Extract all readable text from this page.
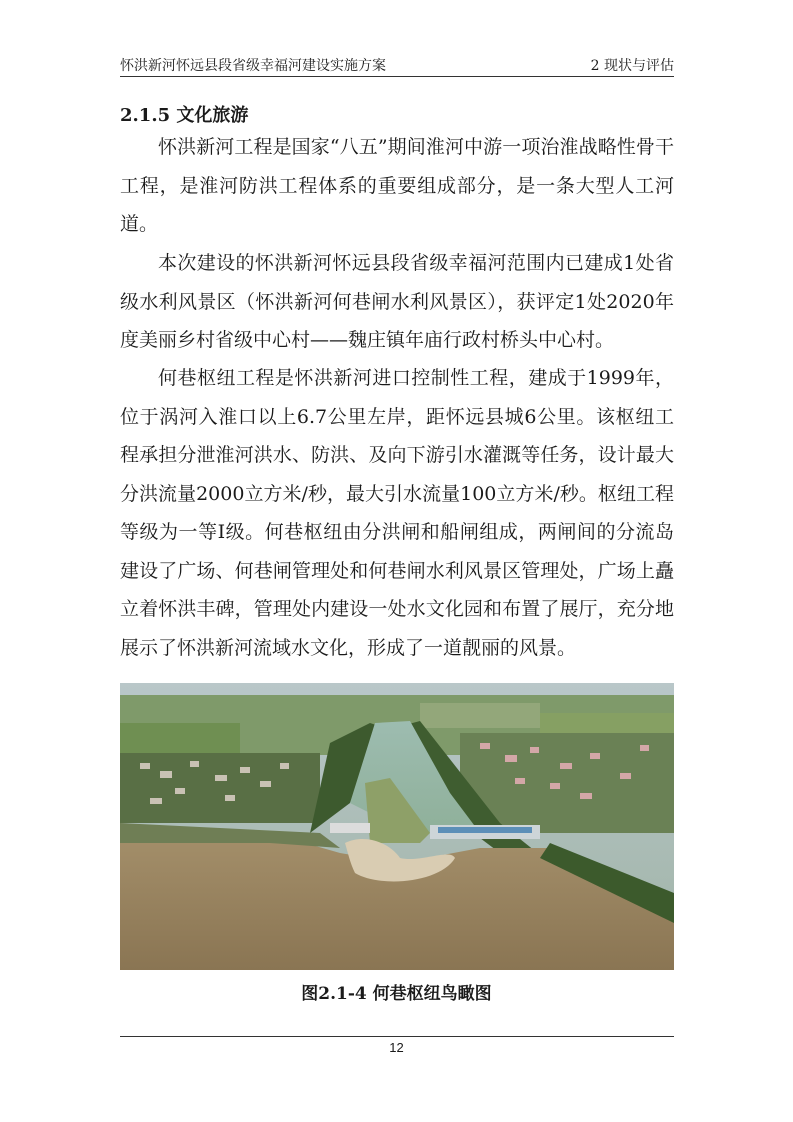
怀洪新河怀远县段省级幸福河建设实施方案	2 现状与评估
2.1.5 文化旅游

怀洪新河工程是国家“八五”期间淮河中游一项治淮战略性骨干工程，是淮河防洪工程体系的重要组成部分，是一条大型人工河道。

本次建设的怀洪新河怀远县段省级幸福河范围内已建成1处省级水利风景区（怀洪新河何巷闸水利风景区），获评定1处2020年度美丽乡村省级中心村——魏庄镇年庙行政村桥头中心村。

何巷枢纽工程是怀洪新河进口控制性工程，建成于1999年，位于涡河入淮口以上6.7公里左岸，距怀远县城6公里。该枢纽工程承担分泄淮河洪水、防洪、及向下游引水灌溉等任务，设计最大分洪流量2000立方米/秒，最大引水流量100立方米/秒。枢纽工程等级为一等I级。何巷枢纽由分洪闸和船闸组成，两闸间的分流岛建设了广场、何巷闸管理处和何巷闸水利风景区管理处，广场上矗立着怀洪丰碑，管理处内建设一处水文化园和布置了展厅，充分地展示了怀洪新河流域水文化，形成了一道靓丽的风景。

图2.1-4 何巷枢纽鸟瞰图
12
